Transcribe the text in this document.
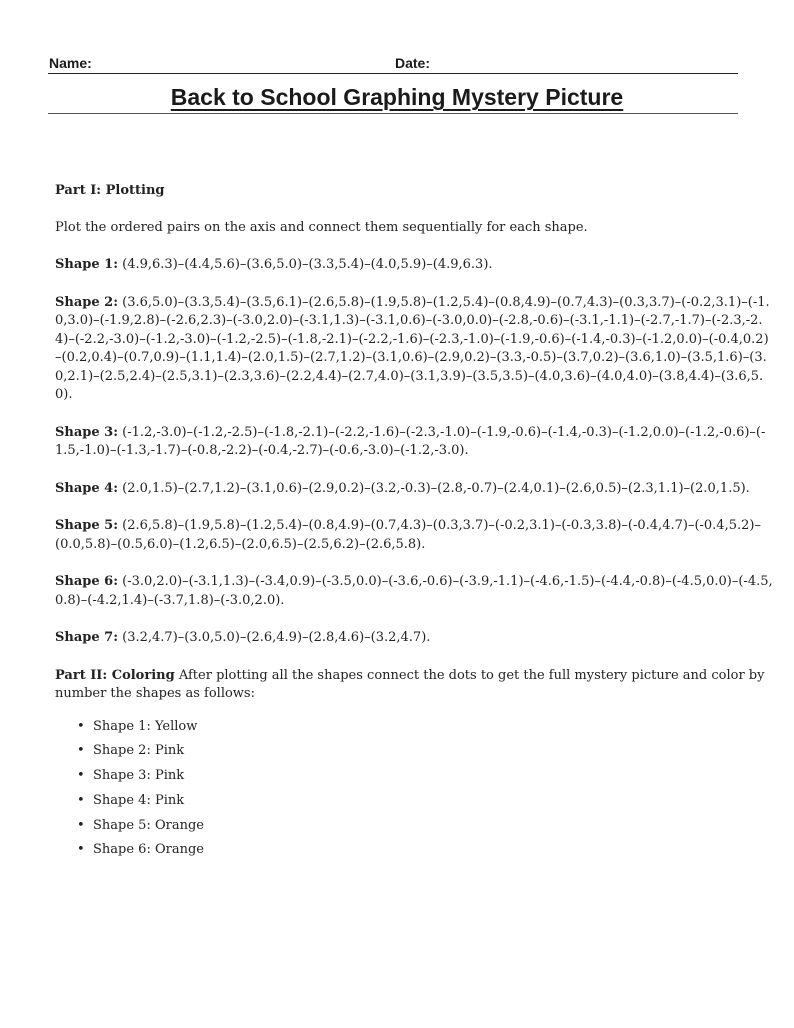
Name:	Date:
Back to School Graphing Mystery Picture
Part I: Plotting
Plot the ordered pairs on the axis and connect them sequentially for each shape.
Shape 1: (4.9,6.3)–(4.4,5.6)–(3.6,5.0)–(3.3,5.4)–(4.0,5.9)–(4.9,6.3).
Shape 2: (3.6,5.0)–(3.3,5.4)–(3.5,6.1)–(2.6,5.8)–(1.9,5.8)–(1.2,5.4)–(0.8,4.9)–(0.7,4.3)–(0.3,3.7)–(-0.2,3.1)–(-1.0,3.0)–(-1.9,2.8)–(-2.6,2.3)–(-3.0,2.0)–(-3.1,1.3)–(-3.1,0.6)–(-3.0,0.0)–(-2.8,-0.6)–(-3.1,-1.1)–(-2.7,-1.7)–(-2.3,-2.4)–(-2.2,-3.0)–(-1.2,-3.0)–(-1.2,-2.5)–(-1.8,-2.1)–(-2.2,-1.6)–(-2.3,-1.0)–(-1.9,-0.6)–(-1.4,-0.3)–(-1.2,0.0)–(-0.4,0.2)–(0.2,0.4)–(0.7,0.9)–(1.1,1.4)–(2.0,1.5)–(2.7,1.2)–(3.1,0.6)–(2.9,0.2)–(3.3,-0.5)–(3.7,0.2)–(3.6,1.0)–(3.5,1.6)–(3.0,2.1)–(2.5,2.4)–(2.5,3.1)–(2.3,3.6)–(2.2,4.4)–(2.7,4.0)–(3.1,3.9)–(3.5,3.5)–(4.0,3.6)–(4.0,4.0)–(3.8,4.4)–(3.6,5.0).
Shape 3: (-1.2,-3.0)–(-1.2,-2.5)–(-1.8,-2.1)–(-2.2,-1.6)–(-2.3,-1.0)–(-1.9,-0.6)–(-1.4,-0.3)–(-1.2,0.0)–(-1.2,-0.6)–(-1.5,-1.0)–(-1.3,-1.7)–(-0.8,-2.2)–(-0.4,-2.7)–(-0.6,-3.0)–(-1.2,-3.0).
Shape 4: (2.0,1.5)–(2.7,1.2)–(3.1,0.6)–(2.9,0.2)–(3.2,-0.3)–(2.8,-0.7)–(2.4,0.1)–(2.6,0.5)–(2.3,1.1)–(2.0,1.5).
Shape 5: (2.6,5.8)–(1.9,5.8)–(1.2,5.4)–(0.8,4.9)–(0.7,4.3)–(0.3,3.7)–(-0.2,3.1)–(-0.3,3.8)–(-0.4,4.7)–(-0.4,5.2)–(0.0,5.8)–(0.5,6.0)–(1.2,6.5)–(2.0,6.5)–(2.5,6.2)–(2.6,5.8).
Shape 6: (-3.0,2.0)–(-3.1,1.3)–(-3.4,0.9)–(-3.5,0.0)–(-3.6,-0.6)–(-3.9,-1.1)–(-4.6,-1.5)–(-4.4,-0.8)–(-4.5,0.0)–(-4.5,0.8)–(-4.2,1.4)–(-3.7,1.8)–(-3.0,2.0).
Shape 7: (3.2,4.7)–(3.0,5.0)–(2.6,4.9)–(2.8,4.6)–(3.2,4.7).
Part II: Coloring After plotting all the shapes connect the dots to get the full mystery picture and color by number the shapes as follows:
• Shape 1: Yellow
• Shape 2: Pink
• Shape 3: Pink
• Shape 4: Pink
• Shape 5: Orange
• Shape 6: Orange
